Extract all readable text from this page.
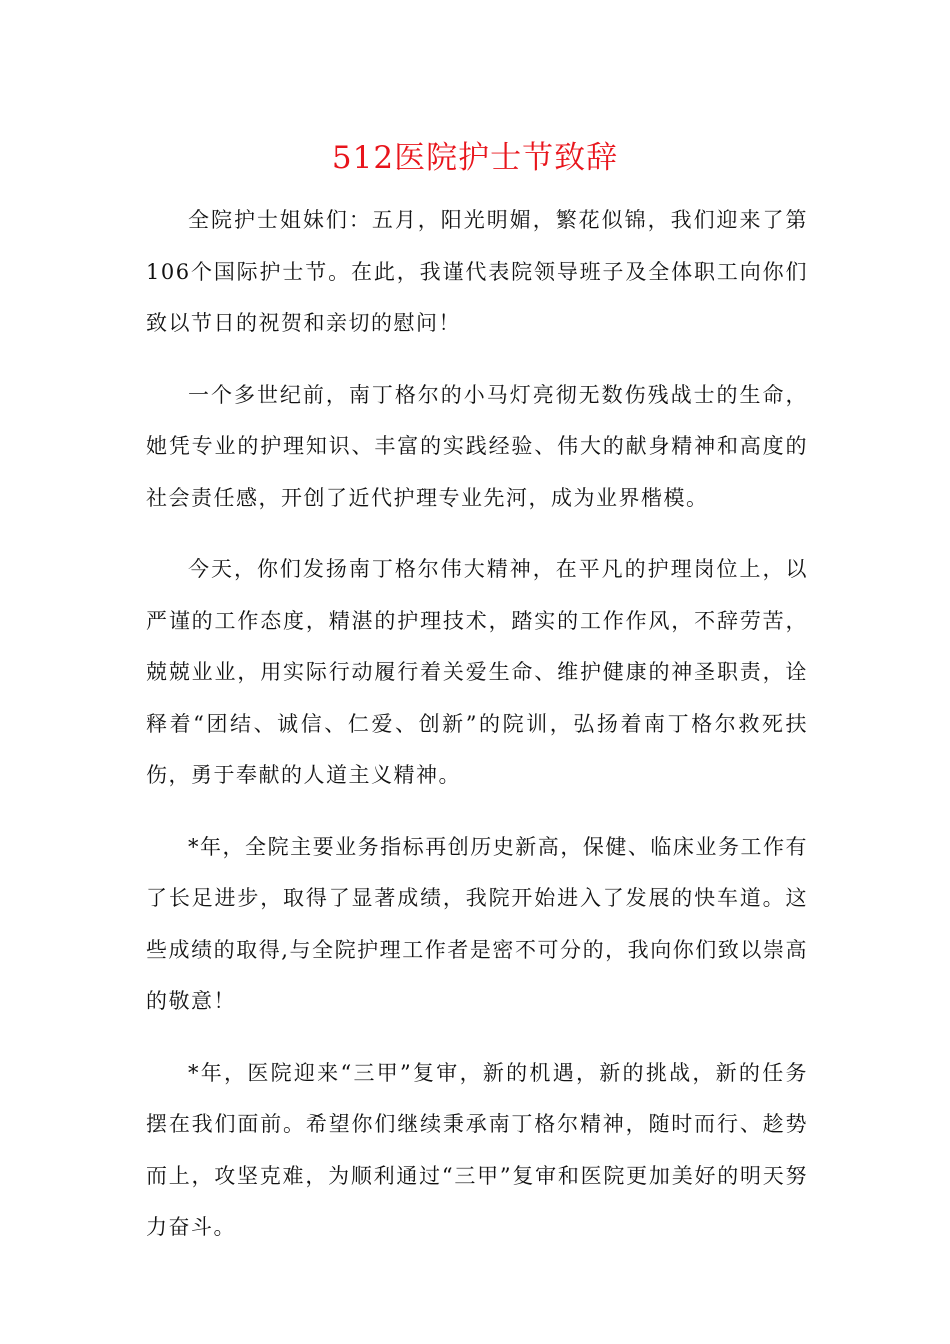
512医院护士节致辞

全院护士姐妹们：五月，阳光明媚，繁花似锦，我们迎来了第106个国际护士节。在此，我谨代表院领导班子及全体职工向你们致以节日的祝贺和亲切的慰问！

一个多世纪前，南丁格尔的小马灯亮彻无数伤残战士的生命，她凭专业的护理知识、丰富的实践经验、伟大的献身精神和高度的社会责任感，开创了近代护理专业先河，成为业界楷模。

今天，你们发扬南丁格尔伟大精神，在平凡的护理岗位上，以严谨的工作态度，精湛的护理技术，踏实的工作作风，不辞劳苦，兢兢业业，用实际行动履行着关爱生命、维护健康的神圣职责，诠释着“团结、诚信、仁爱、创新”的院训，弘扬着南丁格尔救死扶伤，勇于奉献的人道主义精神。

*年，全院主要业务指标再创历史新高，保健、临床业务工作有了长足进步，取得了显著成绩，我院开始进入了发展的快车道。这些成绩的取得,与全院护理工作者是密不可分的，我向你们致以崇高的敬意！

*年，医院迎来“三甲”复审，新的机遇，新的挑战，新的任务摆在我们面前。希望你们继续秉承南丁格尔精神，随时而行、趁势而上，攻坚克难，为顺利通过“三甲”复审和医院更加美好的明天努力奋斗。
